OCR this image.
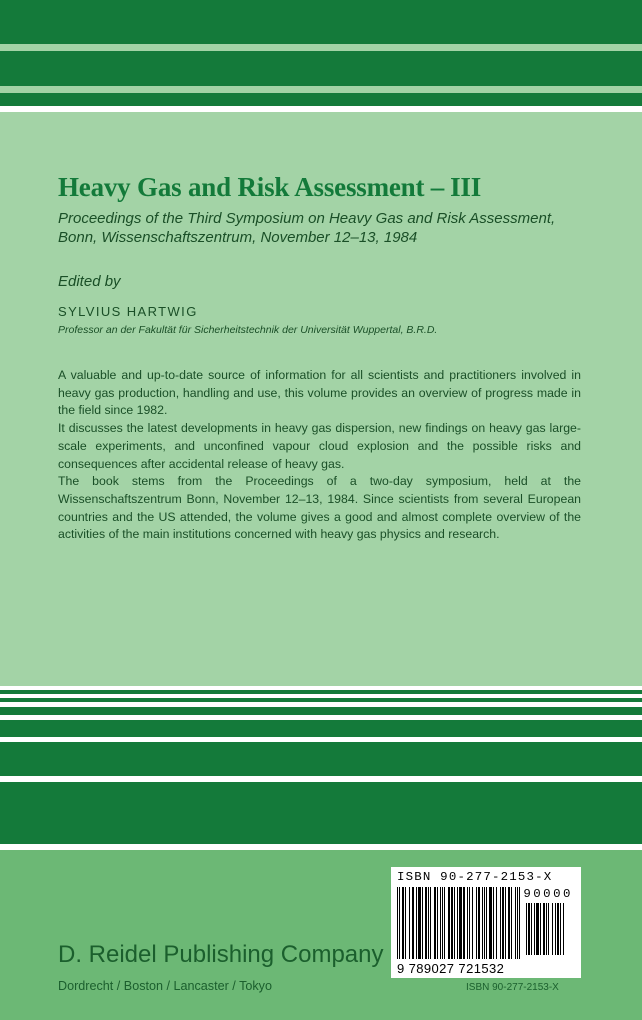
Heavy Gas and Risk Assessment – III
Proceedings of the Third Symposium on Heavy Gas and Risk Assessment,
Bonn, Wissenschaftszentrum, November 12–13, 1984
Edited by
SYLVIUS HARTWIG
Professor an der Fakultät für Sicherheitstechnik der Universität Wuppertal, B.R.D.

A valuable and up-to-date source of information for all scientists and practitioners involved in heavy gas production, handling and use, this volume provides an overview of progress made in the field since 1982.

It discusses the latest developments in heavy gas dispersion, new findings on heavy gas large-scale experiments, and unconfined vapour cloud explosion and the possible risks and consequences after accidental release of heavy gas.

The book stems from the Proceedings of a two-day symposium, held at the Wissenschaftszentrum Bonn, November 12–13, 1984. Since scientists from several European countries and the US attended, the volume gives a good and almost complete overview of the activities of the main institutions concerned with heavy gas physics and research.

D. Reidel Publishing Company
Dordrecht / Boston / Lancaster / Tokyo
ISBN 90-277-2153-X
90000
9 789027 721532
ISBN 90-277-2153-X
